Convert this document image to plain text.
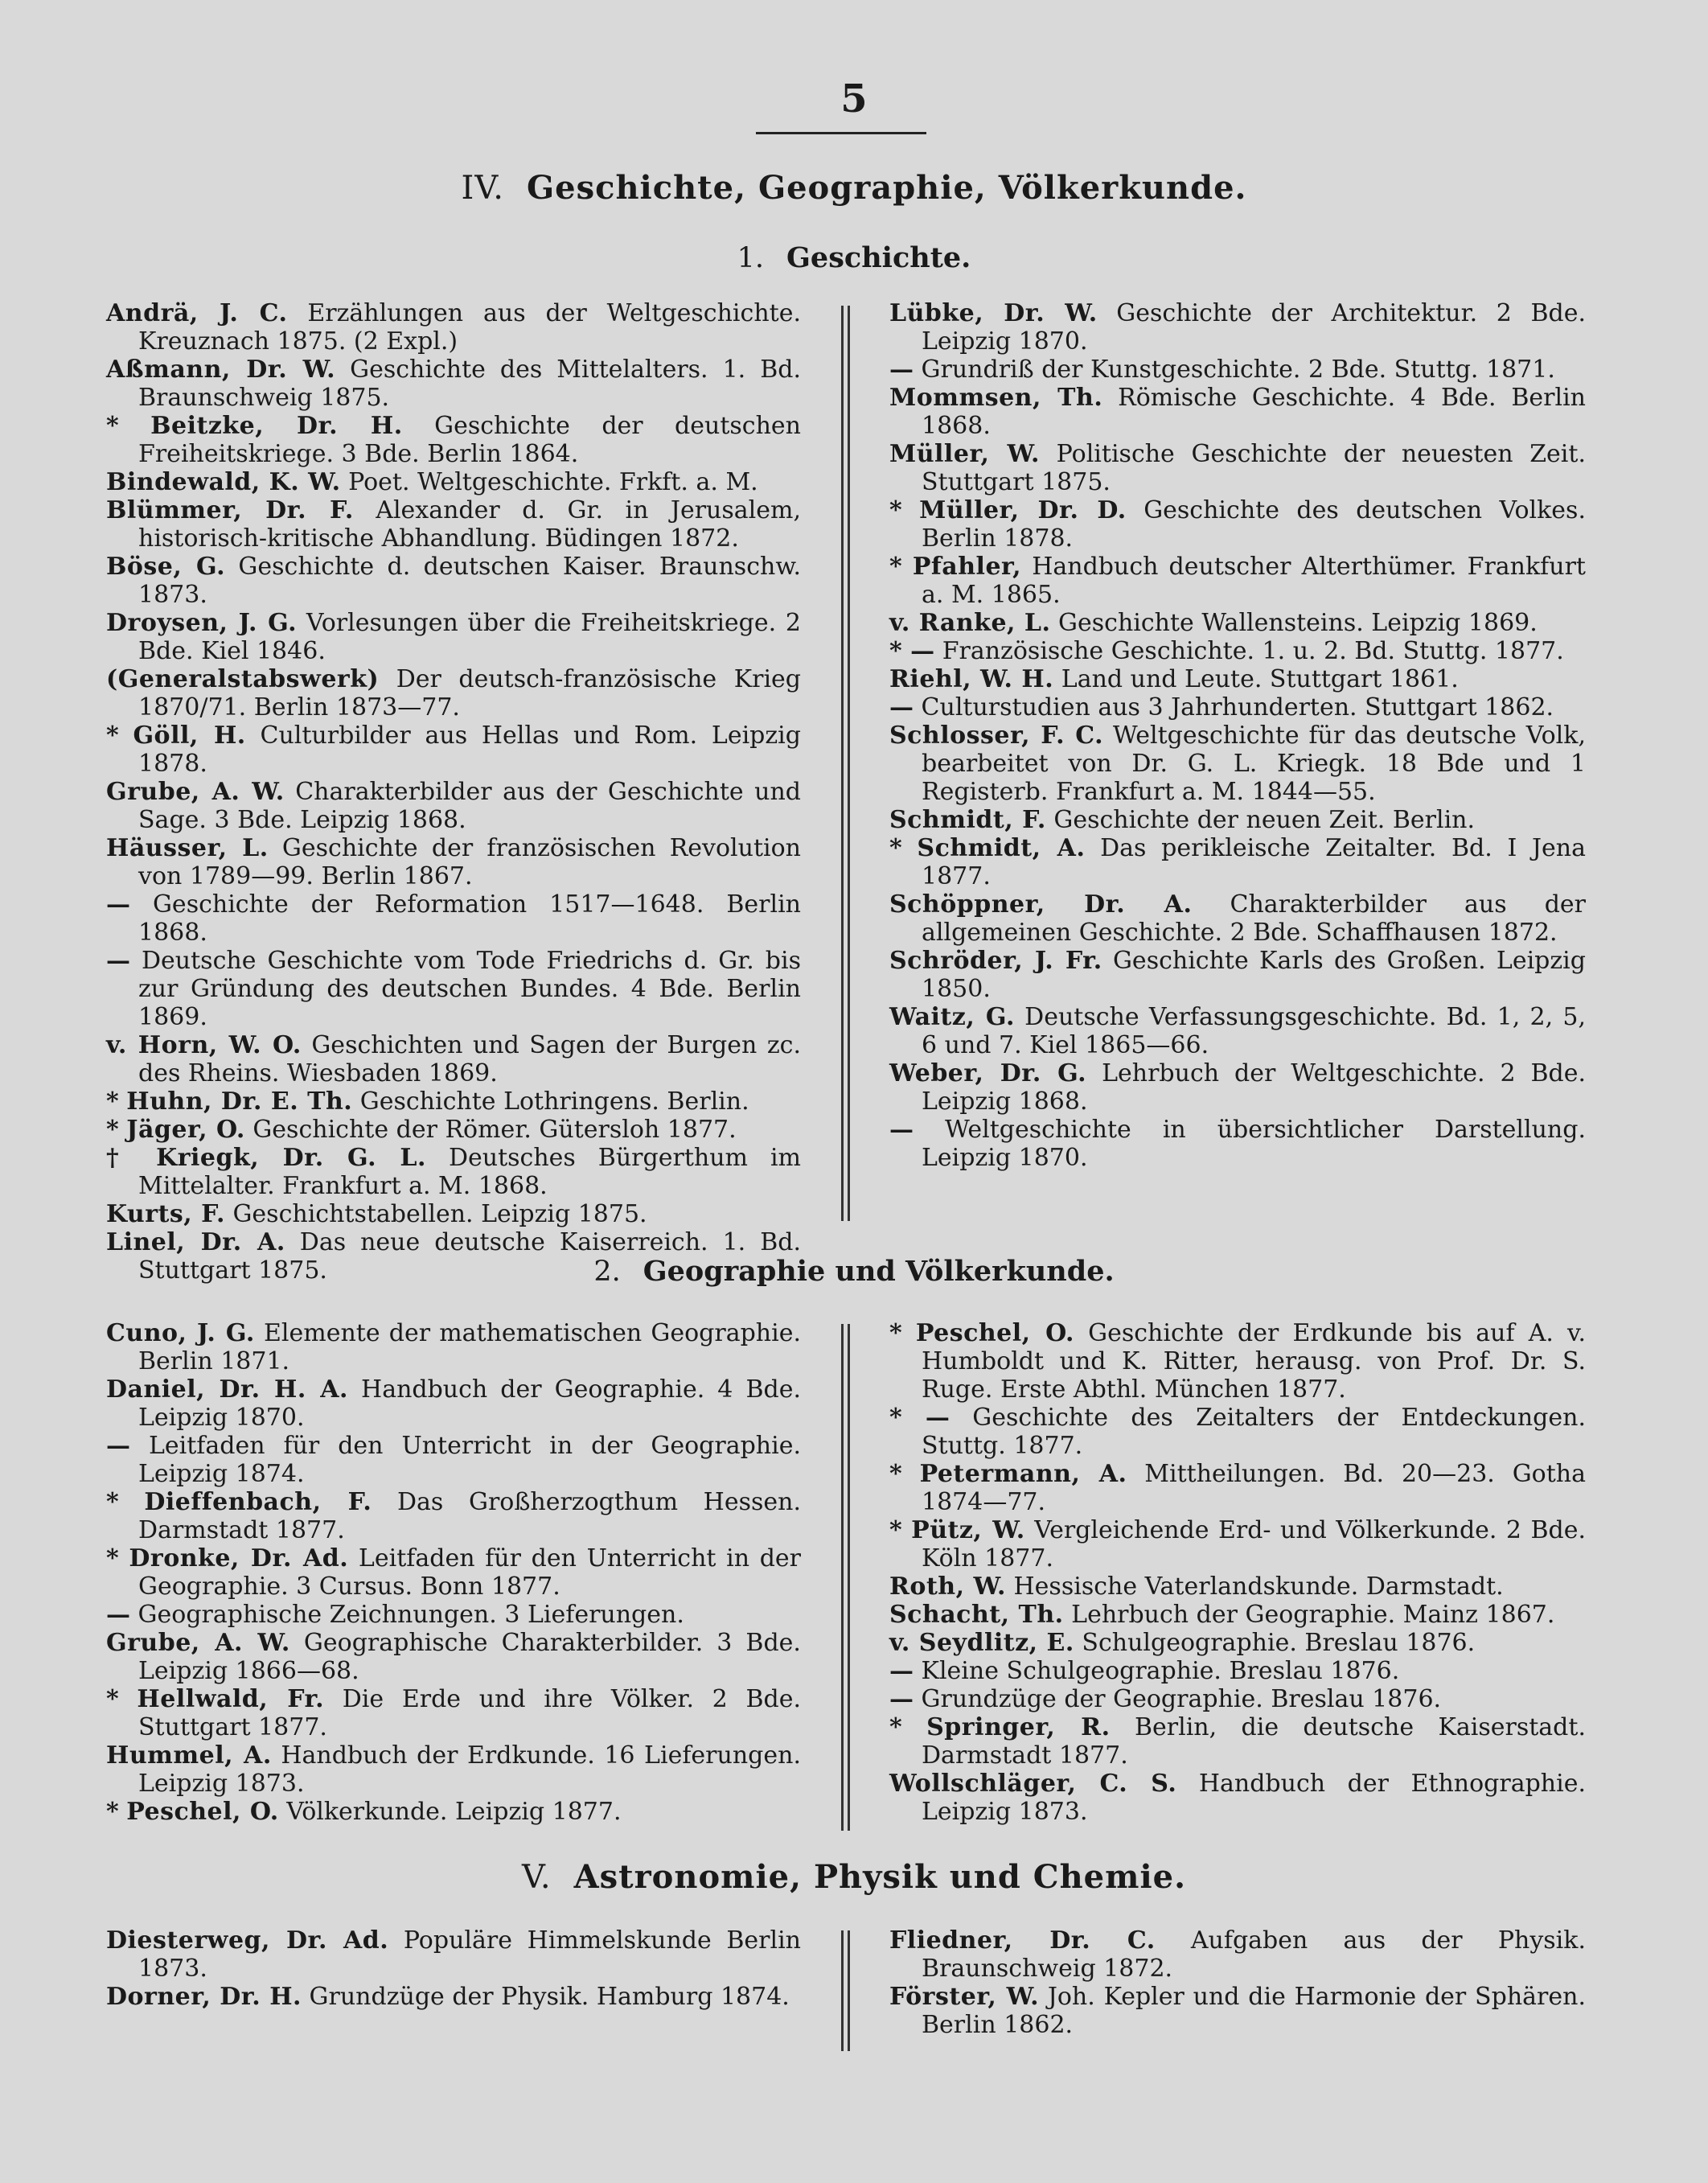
5
IV. Geschichte, Geographie, Völkerkunde.
1. Geschichte.

Andrä, J. C. Erzählungen aus der Weltgeschichte. Kreuznach 1875. (2 Expl.)

Aßmann, Dr. W. Geschichte des Mittelalters. 1. Bd. Braunschweig 1875.

* Beitzke, Dr. H. Geschichte der deutschen Freiheitskriege. 3 Bde. Berlin 1864.

Bindewald, K. W. Poet. Weltgeschichte. Frkft. a. M.

Blümmer, Dr. F. Alexander d. Gr. in Jerusalem, historisch-kritische Abhandlung. Büdingen 1872.

Böse, G. Geschichte d. deutschen Kaiser. Braunschw. 1873.

Droysen, J. G. Vorlesungen über die Freiheitskriege. 2 Bde. Kiel 1846.

(Generalstabswerk) Der deutsch-französische Krieg 1870/71. Berlin 1873—77.

* Göll, H. Culturbilder aus Hellas und Rom. Leipzig 1878.

Grube, A. W. Charakterbilder aus der Geschichte und Sage. 3 Bde. Leipzig 1868.

Häusser, L. Geschichte der französischen Revolution von 1789—99. Berlin 1867.

— Geschichte der Reformation 1517—1648. Berlin 1868.

— Deutsche Geschichte vom Tode Friedrichs d. Gr. bis zur Gründung des deutschen Bundes. 4 Bde. Berlin 1869.

v. Horn, W. O. Geschichten und Sagen der Burgen zc. des Rheins. Wiesbaden 1869.

* Huhn, Dr. E. Th. Geschichte Lothringens. Berlin.

* Jäger, O. Geschichte der Römer. Gütersloh 1877.

† Kriegk, Dr. G. L. Deutsches Bürgerthum im Mittelalter. Frankfurt a. M. 1868.

Kurts, F. Geschichtstabellen. Leipzig 1875.

Linel, Dr. A. Das neue deutsche Kaiserreich. 1. Bd. Stuttgart 1875.

Lübke, Dr. W. Geschichte der Architektur. 2 Bde. Leipzig 1870.

— Grundriß der Kunstgeschichte. 2 Bde. Stuttg. 1871.

Mommsen, Th. Römische Geschichte. 4 Bde. Berlin 1868.

Müller, W. Politische Geschichte der neuesten Zeit. Stuttgart 1875.

* Müller, Dr. D. Geschichte des deutschen Volkes. Berlin 1878.

* Pfahler, Handbuch deutscher Alterthümer. Frankfurt a. M. 1865.

v. Ranke, L. Geschichte Wallensteins. Leipzig 1869.

* — Französische Geschichte. 1. u. 2. Bd. Stuttg. 1877.

Riehl, W. H. Land und Leute. Stuttgart 1861.

— Culturstudien aus 3 Jahrhunderten. Stuttgart 1862.

Schlosser, F. C. Weltgeschichte für das deutsche Volk, bearbeitet von Dr. G. L. Kriegk. 18 Bde und 1 Registerb. Frankfurt a. M. 1844—55.

Schmidt, F. Geschichte der neuen Zeit. Berlin.

* Schmidt, A. Das perikleische Zeitalter. Bd. I Jena 1877.

Schöppner, Dr. A. Charakterbilder aus der allgemeinen Geschichte. 2 Bde. Schaffhausen 1872.

Schröder, J. Fr. Geschichte Karls des Großen. Leipzig 1850.

Waitz, G. Deutsche Verfassungsgeschichte. Bd. 1, 2, 5, 6 und 7. Kiel 1865—66.

Weber, Dr. G. Lehrbuch der Weltgeschichte. 2 Bde. Leipzig 1868.

— Weltgeschichte in übersichtlicher Darstellung. Leipzig 1870.

2. Geographie und Völkerkunde.

Cuno, J. G. Elemente der mathematischen Geographie. Berlin 1871.

Daniel, Dr. H. A. Handbuch der Geographie. 4 Bde. Leipzig 1870.

— Leitfaden für den Unterricht in der Geographie. Leipzig 1874.

* Dieffenbach, F. Das Großherzogthum Hessen. Darmstadt 1877.

* Dronke, Dr. Ad. Leitfaden für den Unterricht in der Geographie. 3 Cursus. Bonn 1877.

— Geographische Zeichnungen. 3 Lieferungen.

Grube, A. W. Geographische Charakterbilder. 3 Bde. Leipzig 1866—68.

* Hellwald, Fr. Die Erde und ihre Völker. 2 Bde. Stuttgart 1877.

Hummel, A. Handbuch der Erdkunde. 16 Lieferungen. Leipzig 1873.

* Peschel, O. Völkerkunde. Leipzig 1877.

* Peschel, O. Geschichte der Erdkunde bis auf A. v. Humboldt und K. Ritter, herausg. von Prof. Dr. S. Ruge. Erste Abthl. München 1877.

* — Geschichte des Zeitalters der Entdeckungen. Stuttg. 1877.

* Petermann, A. Mittheilungen. Bd. 20—23. Gotha 1874—77.

* Pütz, W. Vergleichende Erd- und Völkerkunde. 2 Bde. Köln 1877.

Roth, W. Hessische Vaterlandskunde. Darmstadt.

Schacht, Th. Lehrbuch der Geographie. Mainz 1867.

v. Seydlitz, E. Schulgeographie. Breslau 1876.

— Kleine Schulgeographie. Breslau 1876.

— Grundzüge der Geographie. Breslau 1876.

* Springer, R. Berlin, die deutsche Kaiserstadt. Darmstadt 1877.

Wollschläger, C. S. Handbuch der Ethnographie. Leipzig 1873.

V. Astronomie, Physik und Chemie.

Diesterweg, Dr. Ad. Populäre Himmelskunde Berlin 1873.

Dorner, Dr. H. Grundzüge der Physik. Hamburg 1874.

Fliedner, Dr. C. Aufgaben aus der Physik. Braunschweig 1872.

Förster, W. Joh. Kepler und die Harmonie der Sphären. Berlin 1862.
